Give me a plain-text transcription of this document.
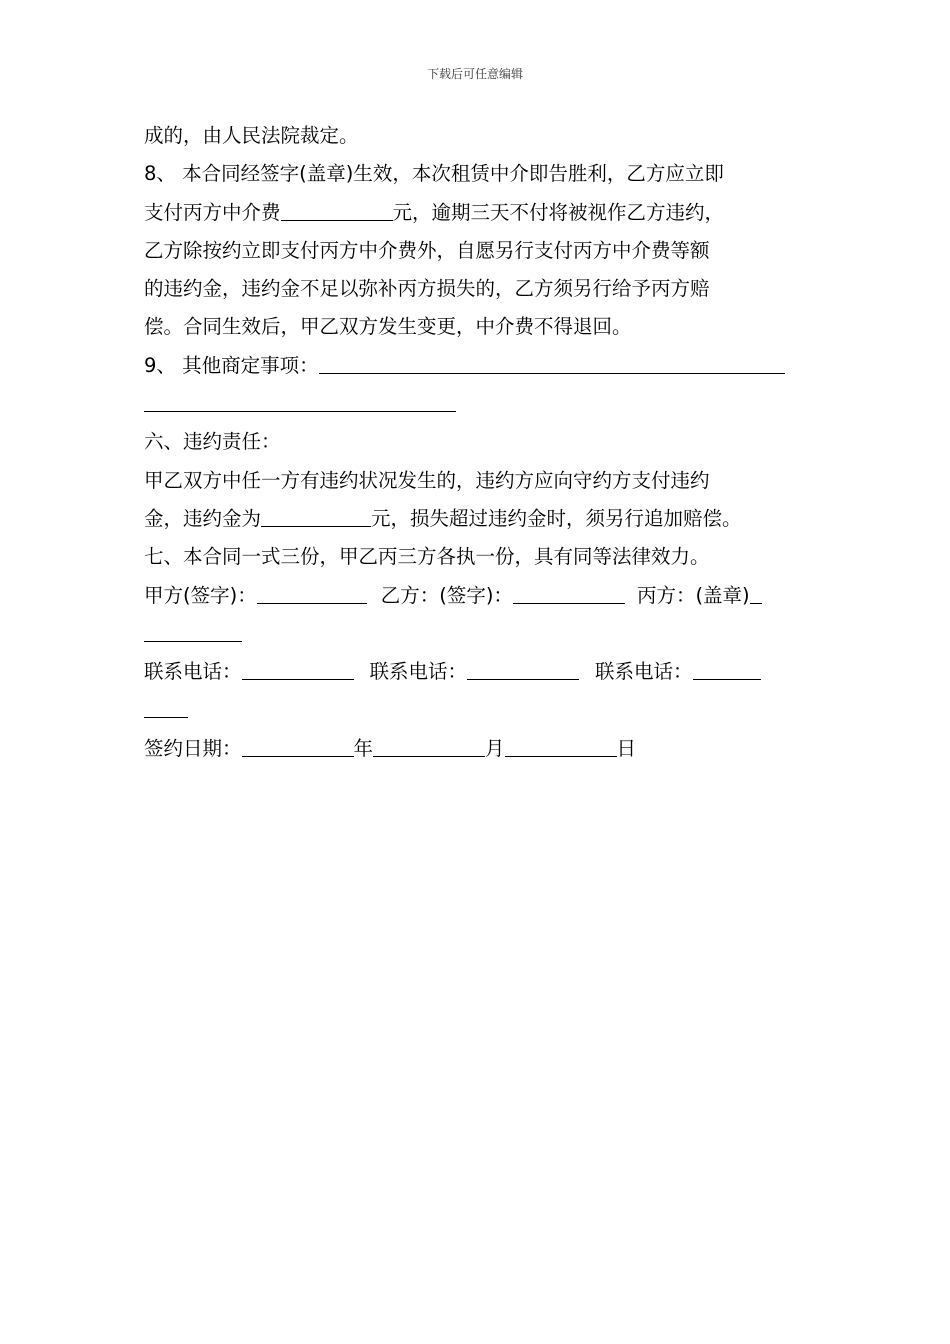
下载后可任意编辑
成的，由人民法院裁定。
8、 本合同经签字(盖章)生效，本次租赁中介即告胜利，乙方应立即
支付丙方中介费	元，逾期三天不付将被视作乙方违约，
乙方除按约立即支付丙方中介费外，自愿另行支付丙方中介费等额
的违约金，违约金不足以弥补丙方损失的，乙方须另行给予丙方赔
偿。合同生效后，甲乙双方发生变更，中介费不得退回。
9、 其他商定事项：
六、违约责任：
甲乙双方中任一方有违约状况发生的，违约方应向守约方支付违约
金，违约金为	元，损失超过违约金时，须另行追加赔偿。
七、本合同一式三份，甲乙丙三方各执一份，具有同等法律效力。
甲方(签字)：	乙方：(签字)：	丙方：(盖章)
联系电话：	联系电话：	联系电话：
签约日期：	年	月	日
